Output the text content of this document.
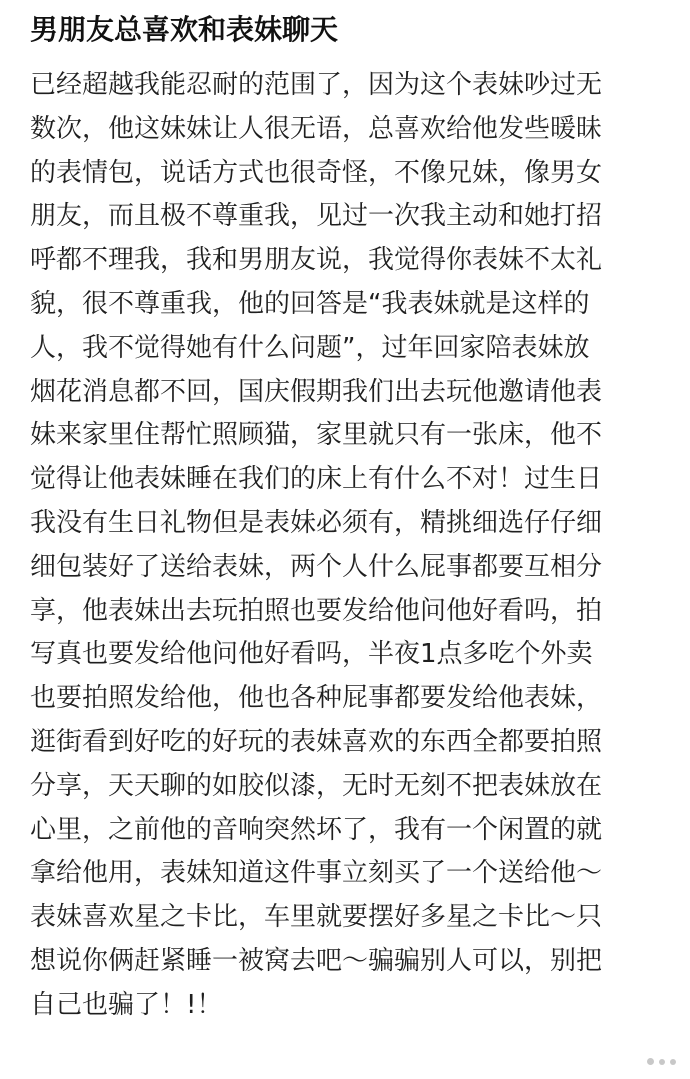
男朋友总喜欢和表妹聊天
已经超越我能忍耐的范围了，因为这个表妹吵过无
数次，他这妹妹让人很无语，总喜欢给他发些暖昧
的表情包，说话方式也很奇怪，不像兄妹，像男女
朋友，而且极不尊重我，见过一次我主动和她打招
呼都不理我，我和男朋友说，我觉得你表妹不太礼
貌，很不尊重我，他的回答是“我表妹就是这样的
人，我不觉得她有什么问题”，过年回家陪表妹放
烟花消息都不回，国庆假期我们出去玩他邀请他表
妹来家里住帮忙照顾猫，家里就只有一张床，他不
觉得让他表妹睡在我们的床上有什么不对！过生日
我没有生日礼物但是表妹必须有，精挑细选仔仔细
细包装好了送给表妹，两个人什么屁事都要互相分
享，他表妹出去玩拍照也要发给他问他好看吗，拍
写真也要发给他问他好看吗，半夜1点多吃个外卖
也要拍照发给他，他也各种屁事都要发给他表妹，
逛街看到好吃的好玩的表妹喜欢的东西全都要拍照
分享，天天聊的如胶似漆，无时无刻不把表妹放在
心里，之前他的音响突然坏了，我有一个闲置的就
拿给他用，表妹知道这件事立刻买了一个送给他～
表妹喜欢星之卡比，车里就要摆好多星之卡比～只
想说你俩赶紧睡一被窝去吧～骗骗别人可以，别把
自己也骗了！!！
